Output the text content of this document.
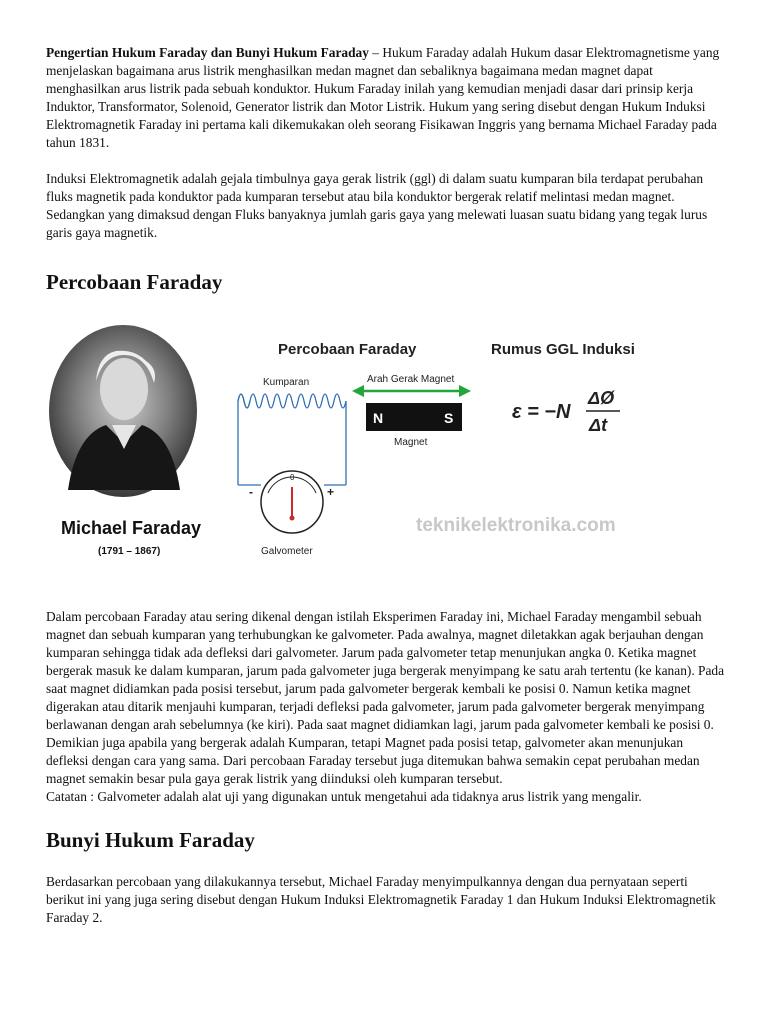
Pengertian Hukum Faraday dan Bunyi Hukum Faraday – Hukum Faraday adalah Hukum dasar Elektromagnetisme yang menjelaskan bagaimana arus listrik menghasilkan medan magnet dan sebaliknya bagaimana medan magnet dapat menghasilkan arus listrik pada sebuah konduktor. Hukum Faraday inilah yang kemudian menjadi dasar dari prinsip kerja Induktor, Transformator, Solenoid, Generator listrik dan Motor Listrik. Hukum yang sering disebut dengan Hukum Induksi Elektromagnetik Faraday ini pertama kali dikemukakan oleh seorang Fisikawan Inggris yang bernama Michael Faraday pada tahun 1831.

Induksi Elektromagnetik adalah gejala timbulnya gaya gerak listrik (ggl) di dalam suatu kumparan bila terdapat perubahan fluks magnetik pada konduktor pada kumparan tersebut atau bila konduktor bergerak relatif melintasi medan magnet. Sedangkan yang dimaksud dengan Fluks banyaknya jumlah garis gaya yang melewati luasan suatu bidang yang tegak lurus garis gaya magnetik.

Percobaan Faraday
Michael Faraday
(1791 – 1867)
Percobaan Faraday
Kumparan
0
-	+
Galvometer
Arah Gerak Magnet
N	S
Magnet
Rumus GGL Induksi
ε = −N
ΔØ
Δt
teknikelektronika.com

Dalam percobaan Faraday atau sering dikenal dengan istilah Eksperimen Faraday ini, Michael Faraday mengambil sebuah magnet dan sebuah kumparan yang terhubungkan ke galvometer. Pada awalnya, magnet diletakkan agak berjauhan dengan kumparan sehingga tidak ada defleksi dari galvometer. Jarum pada galvometer tetap menunjukan angka 0. Ketika magnet bergerak masuk ke dalam kumparan, jarum pada galvometer juga bergerak menyimpang ke satu arah tertentu (ke kanan). Pada saat magnet didiamkan pada posisi tersebut, jarum pada galvometer bergerak kembali ke posisi 0. Namun ketika magnet digerakan atau ditarik menjauhi kumparan, terjadi defleksi pada galvometer, jarum pada galvometer bergerak menyimpang berlawanan dengan arah sebelumnya (ke kiri). Pada saat magnet didiamkan lagi, jarum pada galvometer kembali ke posisi 0. Demikian juga apabila yang bergerak adalah Kumparan, tetapi Magnet pada posisi tetap, galvometer akan menunjukan defleksi dengan cara yang sama. Dari percobaan Faraday tersebut juga ditemukan bahwa semakin cepat perubahan medan magnet semakin besar pula gaya gerak listrik yang diinduksi oleh kumparan tersebut.

Catatan : Galvometer adalah alat uji yang digunakan untuk mengetahui ada tidaknya arus listrik yang mengalir.

Bunyi Hukum Faraday

Berdasarkan percobaan yang dilakukannya tersebut, Michael Faraday menyimpulkannya dengan dua pernyataan seperti berikut ini yang juga sering disebut dengan Hukum Induksi Elektromagnetik Faraday 1 dan Hukum Induksi Elektromagnetik Faraday 2.
